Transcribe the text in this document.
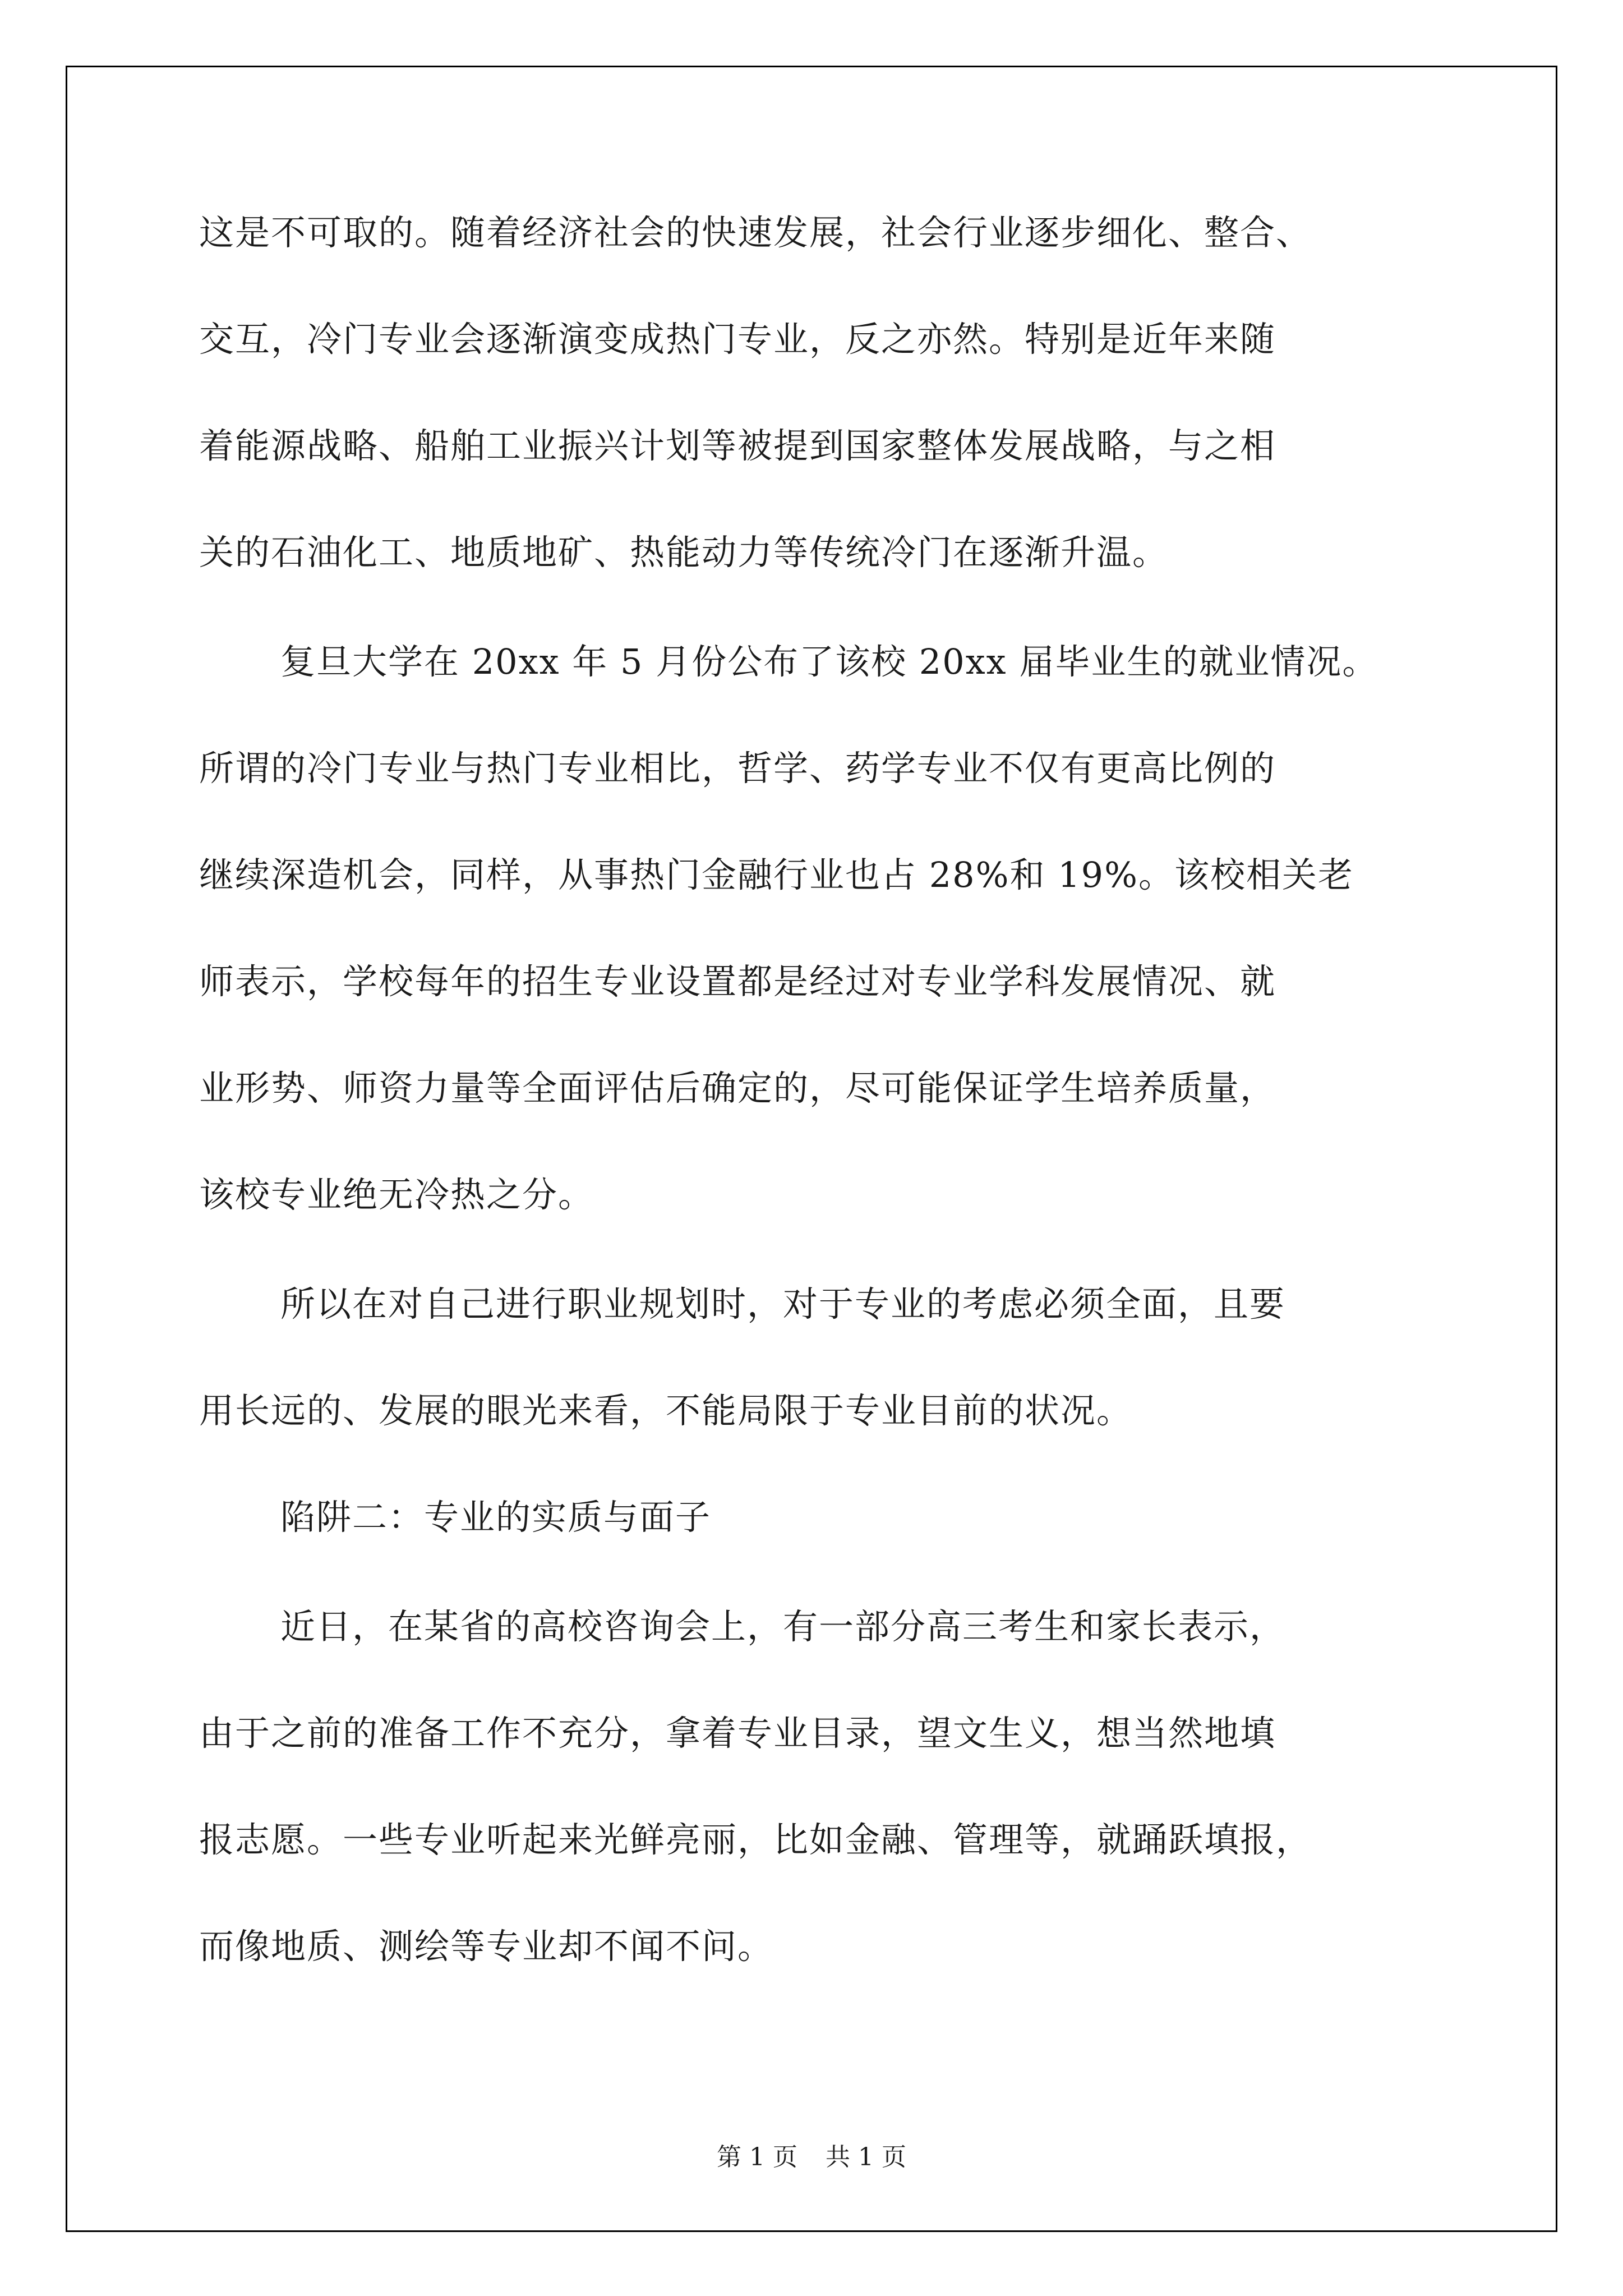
这是不可取的。随着经济社会的快速发展，社会行业逐步细化、整合、
交互，冷门专业会逐渐演变成热门专业，反之亦然。特别是近年来随
着能源战略、船舶工业振兴计划等被提到国家整体发展战略，与之相
关的石油化工、地质地矿、热能动力等传统冷门在逐渐升温。
复旦大学在 20xx 年 5 月份公布了该校 20xx 届毕业生的就业情况。
所谓的冷门专业与热门专业相比，哲学、药学专业不仅有更高比例的
继续深造机会，同样，从事热门金融行业也占 28%和 19%。该校相关老
师表示，学校每年的招生专业设置都是经过对专业学科发展情况、就
业形势、师资力量等全面评估后确定的，尽可能保证学生培养质量，
该校专业绝无冷热之分。
所以在对自己进行职业规划时，对于专业的考虑必须全面，且要
用长远的、发展的眼光来看，不能局限于专业目前的状况。
陷阱二：专业的实质与面子
近日，在某省的高校咨询会上，有一部分高三考生和家长表示，
由于之前的准备工作不充分，拿着专业目录，望文生义，想当然地填
报志愿。一些专业听起来光鲜亮丽，比如金融、管理等，就踊跃填报，
而像地质、测绘等专业却不闻不问。
第 1 页 共 1 页
